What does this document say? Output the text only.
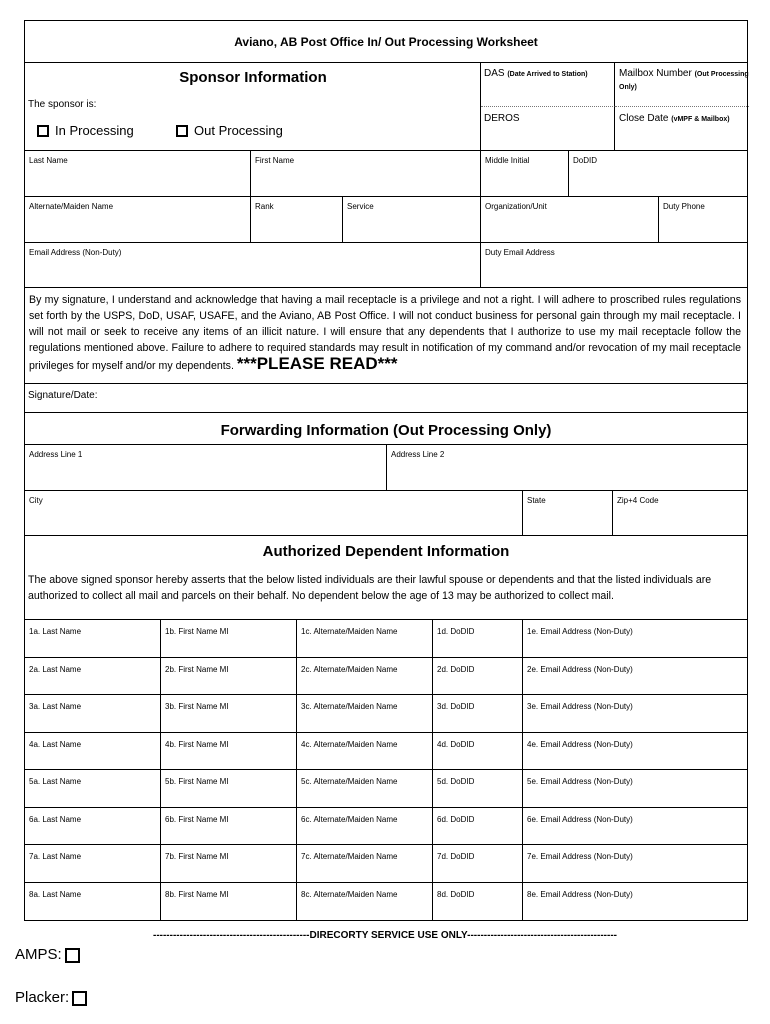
Aviano, AB Post Office In/ Out Processing Worksheet
Sponsor Information
The sponsor is:
In Processing	Out Processing
DAS (Date Arrived to Station)	Mailbox Number (Out Processing Only)
DEROS	Close Date (vMPF & Mailbox)
Last Name	First Name	Middle Initial	DoDID
Alternate/Maiden Name	Rank	Service	Organization/Unit	Duty Phone
Email Address (Non-Duty)	Duty Email Address
By my signature, I understand and acknowledge that having a mail receptacle is a privilege and not a right. I will adhere to proscribed rules regulations set forth by the USPS, DoD, USAF, USAFE, and the Aviano, AB Post Office. I will not conduct business for personal gain through my mail receptacle. I will not mail or seek to receive any items of an illicit nature. I will ensure that any dependents that I authorize to use my mail receptacle follow the regulations mentioned above. Failure to adhere to required standards may result in notification of my command and/or revocation of my mail receptacle privileges for myself and/or my dependents. ***PLEASE READ***
Signature/Date:
Forwarding Information (Out Processing Only)
Address Line 1	Address Line 2
City	State	Zip+4 Code
Authorized Dependent Information
The above signed sponsor hereby asserts that the below listed individuals are their lawful spouse or dependents and that the listed individuals are authorized to collect all mail and parcels on their behalf. No dependent below the age of 13 may be authorized to collect mail.
1a. Last Name	1b. First Name MI	1c. Alternate/Maiden Name	1d. DoDID	1e. Email Address (Non-Duty)
2a. Last Name	2b. First Name MI	2c. Alternate/Maiden Name	2d. DoDID	2e. Email Address (Non-Duty)
3a. Last Name	3b. First Name MI	3c. Alternate/Maiden Name	3d. DoDID	3e. Email Address (Non-Duty)
4a. Last Name	4b. First Name MI	4c. Alternate/Maiden Name	4d. DoDID	4e. Email Address (Non-Duty)
5a. Last Name	5b. First Name MI	5c. Alternate/Maiden Name	5d. DoDID	5e. Email Address (Non-Duty)
6a. Last Name	6b. First Name MI	6c. Alternate/Maiden Name	6d. DoDID	6e. Email Address (Non-Duty)
7a. Last Name	7b. First Name MI	7c. Alternate/Maiden Name	7d. DoDID	7e. Email Address (Non-Duty)
8a. Last Name	8b. First Name MI	8c. Alternate/Maiden Name	8d. DoDID	8e. Email Address (Non-Duty)
-----------------------------------------------DIRECORTY SERVICE USE ONLY---------------------------------------------
AMPS:
Placker:
